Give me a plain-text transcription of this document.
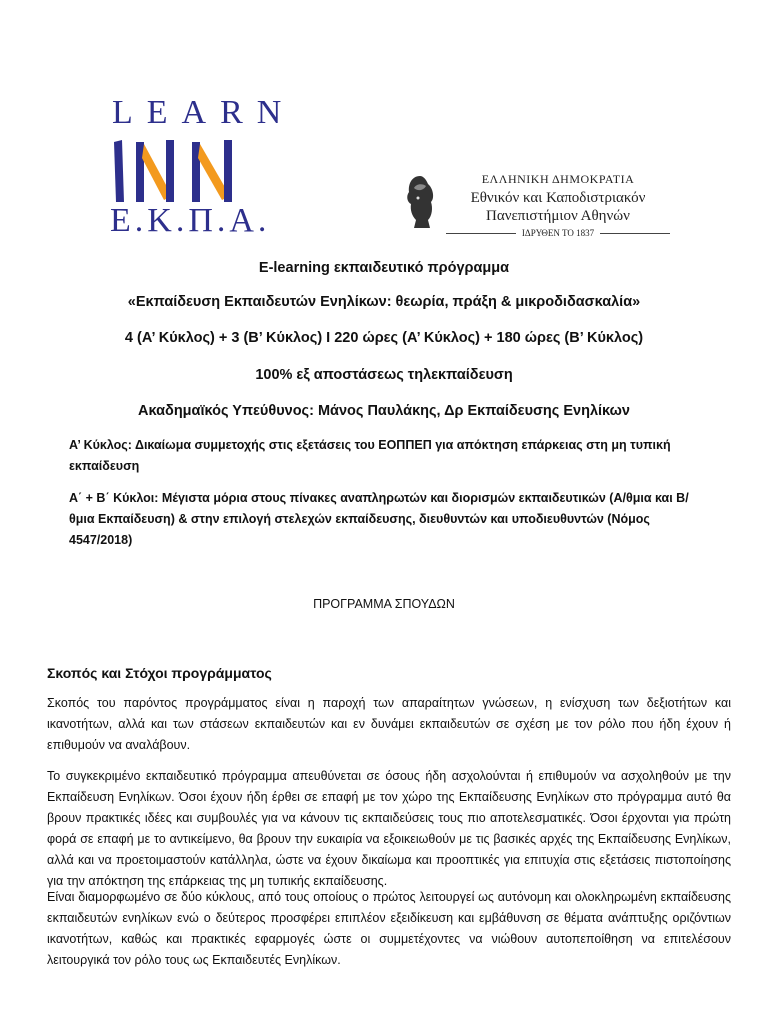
LEARN
INN
Ε.Κ.Π.Α.
ΕΛΛΗΝΙΚΗ ΔΗΜΟΚΡΑΤΙΑ
Εθνικόν και Καποδιστριακόν
Πανεπιστήμιον Αθηνών
ΙΔΡΥΘΕΝ ΤΟ 1837
E-learning εκπαιδευτικό πρόγραμμα
«Εκπαίδευση Εκπαιδευτών Ενηλίκων: θεωρία, πράξη & μικροδιδασκαλία»
4 (Α’ Κύκλος) + 3 (Β’ Κύκλος) Ι 220 ώρες (Α’ Κύκλος) + 180 ώρες (Β’ Κύκλος)
100% εξ αποστάσεως τηλεκπαίδευση
Ακαδημαϊκός Υπεύθυνος: Μάνος Παυλάκης, Δρ Εκπαίδευσης Ενηλίκων
Α’ Κύκλος: Δικαίωμα συμμετοχής στις εξετάσεις του ΕΟΠΠΕΠ για απόκτηση επάρκειας στη μη τυπική εκπαίδευση
Α΄ + Β΄ Κύκλοι: Μέγιστα μόρια στους πίνακες αναπληρωτών και διορισμών εκπαιδευτικών (Α/θμια και Β/θμια Εκπαίδευση) & στην επιλογή στελεχών εκπαίδευσης, διευθυντών και υποδιευθυντών (Νόμος 4547/2018)
ΠΡΟΓΡΑΜΜΑ ΣΠΟΥΔΩΝ
Σκοπός και Στόχοι προγράμματος
Σκοπός του παρόντος προγράμματος είναι η παροχή των απαραίτητων γνώσεων, η ενίσχυση των δεξιοτήτων και ικανοτήτων, αλλά και των στάσεων εκπαιδευτών και εν δυνάμει εκπαιδευτών σε σχέση με τον ρόλο που ήδη έχουν ή επιθυμούν να αναλάβουν.
Το συγκεκριμένο εκπαιδευτικό πρόγραμμα απευθύνεται σε όσους ήδη ασχολούνται ή επιθυμούν να ασχοληθούν με την Εκπαίδευση Ενηλίκων. Όσοι έχουν ήδη έρθει σε επαφή με τον χώρο της Εκπαίδευσης Ενηλίκων στο πρόγραμμα αυτό θα βρουν πρακτικές ιδέες και συμβουλές για να κάνουν τις εκπαιδεύσεις τους πιο αποτελεσματικές. Όσοι έρχονται για πρώτη φορά σε επαφή με το αντικείμενο, θα βρουν την ευκαιρία να εξοικειωθούν με τις βασικές αρχές της Εκπαίδευσης Ενηλίκων, αλλά και να προετοιμαστούν κατάλληλα, ώστε να έχουν δικαίωμα και προοπτικές για επιτυχία στις εξετάσεις πιστοποίησης για την απόκτηση της επάρκειας της μη τυπικής εκπαίδευσης.
Είναι διαμορφωμένο σε δύο κύκλους, από τους οποίους ο πρώτος λειτουργεί ως αυτόνομη και ολοκληρωμένη εκπαίδευσης εκπαιδευτών ενηλίκων ενώ ο δεύτερος προσφέρει επιπλέον εξειδίκευση και εμβάθυνση σε θέματα ανάπτυξης οριζόντιων ικανοτήτων, καθώς και πρακτικές εφαρμογές ώστε οι συμμετέχοντες να νιώθουν αυτοπεποίθηση να επιτελέσουν λειτουργικά τον ρόλο τους ως Εκπαιδευτές Ενηλίκων.
